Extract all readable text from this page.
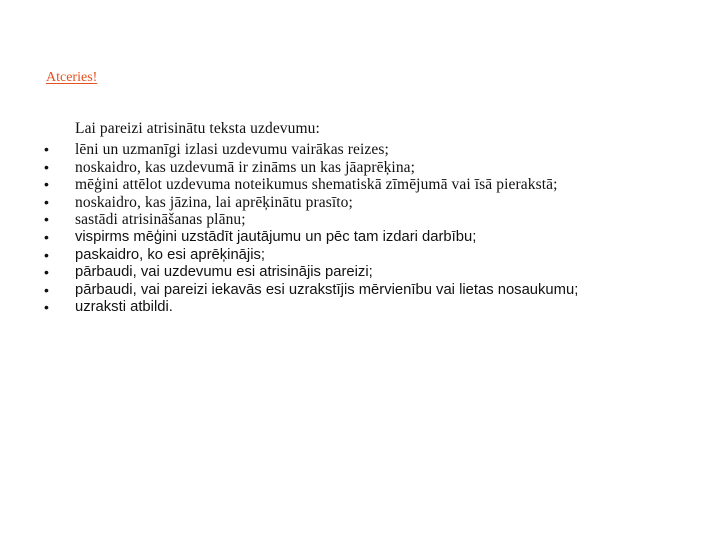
Atceries!
Lai pareizi atrisinātu teksta uzdevumu:
• lēni un uzmanīgi izlasi uzdevumu vairākas reizes;
• noskaidro, kas uzdevumā ir zināms un kas jāaprēķina;
• mēģini attēlot uzdevuma noteikumus shematiskā zīmējumā vai īsā pierakstā;
• noskaidro, kas jāzina, lai aprēķinātu prasīto;
• sastādi atrisināšanas plānu;
• vispirms mēģini uzstādīt jautājumu un pēc tam izdari darbību;
• paskaidro, ko esi aprēķinājis;
• pārbaudi, vai uzdevumu esi atrisinājis pareizi;
• pārbaudi, vai pareizi iekavās esi uzrakstījis mērvienību vai lietas nosaukumu;
• uzraksti atbildi.
